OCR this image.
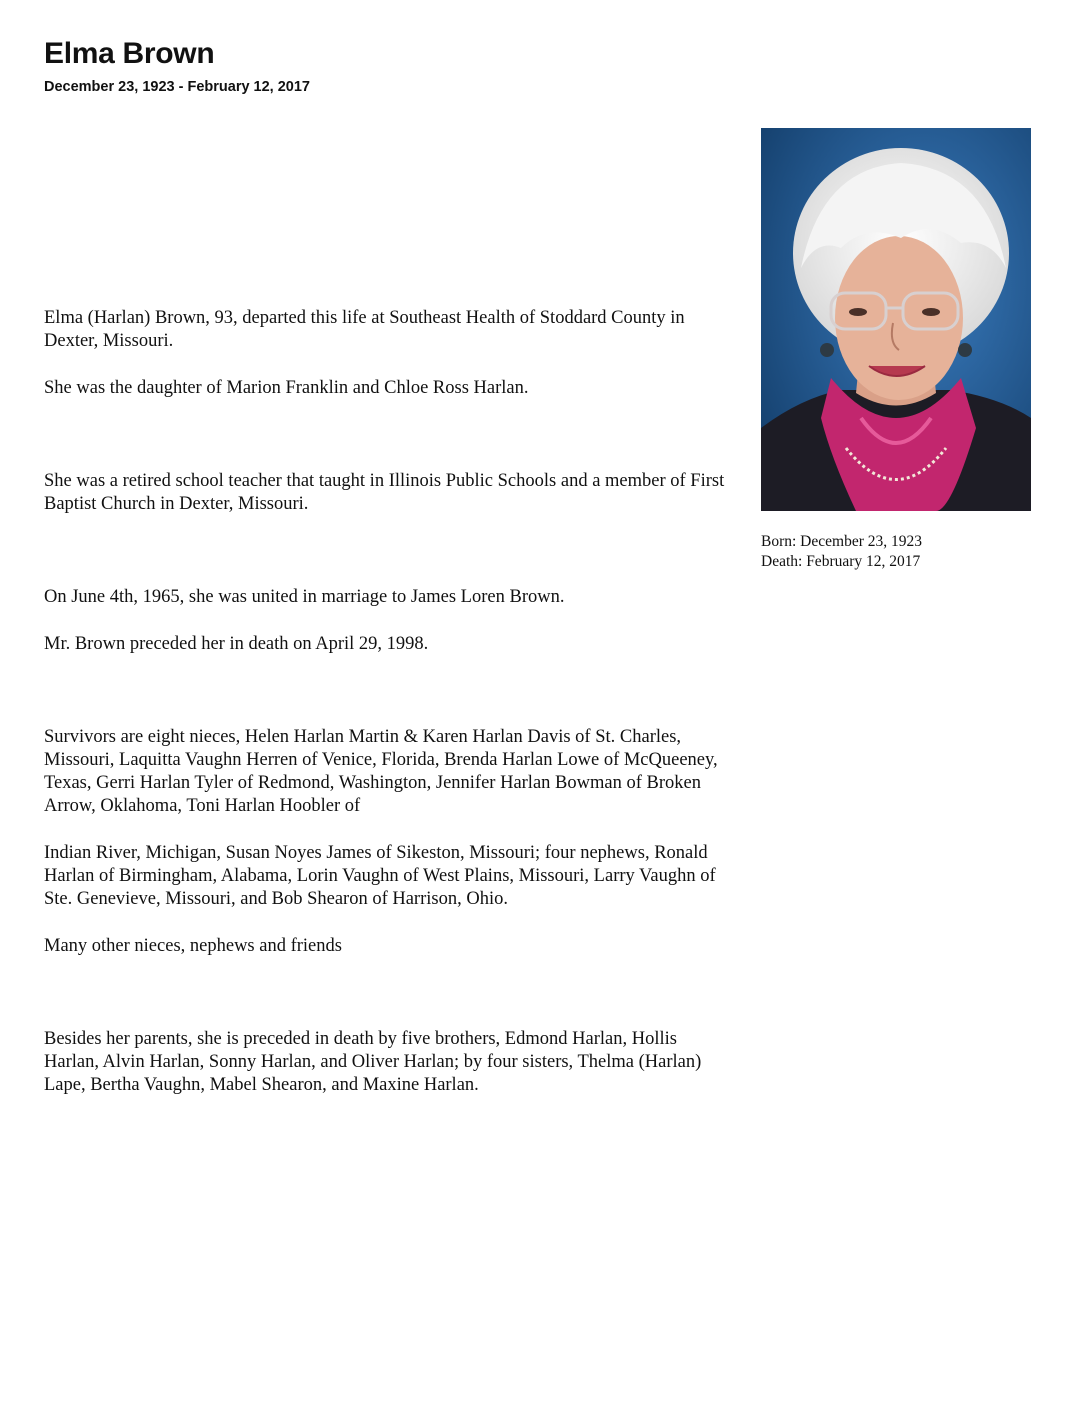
Elma Brown
December 23, 1923 - February 12, 2017

Elma (Harlan) Brown, 93, departed this life at Southeast Health of Stoddard County in Dexter, Missouri.

She was the daughter of Marion Franklin and Chloe Ross Harlan.

She was a retired school teacher that taught in Illinois Public Schools and a member of First Baptist Church in Dexter, Missouri.

On June 4th, 1965, she was united in marriage to James Loren Brown.

Mr. Brown preceded her in death on April 29, 1998.

Survivors are eight nieces, Helen Harlan Martin & Karen Harlan Davis of St. Charles, Missouri, Laquitta Vaughn Herren of Venice, Florida, Brenda Harlan Lowe of McQueeney, Texas, Gerri Harlan Tyler of Redmond, Washington, Jennifer Harlan Bowman of Broken Arrow, Oklahoma, Toni Harlan Hoobler of

Indian River, Michigan, Susan Noyes James of Sikeston, Missouri; four nephews, Ronald Harlan of Birmingham, Alabama, Lorin Vaughn of West Plains, Missouri, Larry Vaughn of Ste. Genevieve, Missouri, and Bob Shearon of Harrison, Ohio.

Many other nieces, nephews and friends

Besides her parents, she is preceded in death by five brothers, Edmond Harlan, Hollis Harlan, Alvin Harlan, Sonny Harlan, and Oliver Harlan; by four sisters, Thelma (Harlan) Lape, Bertha Vaughn, Mabel Shearon, and Maxine Harlan.

Born: December 23, 1923
Death: February 12, 2017
